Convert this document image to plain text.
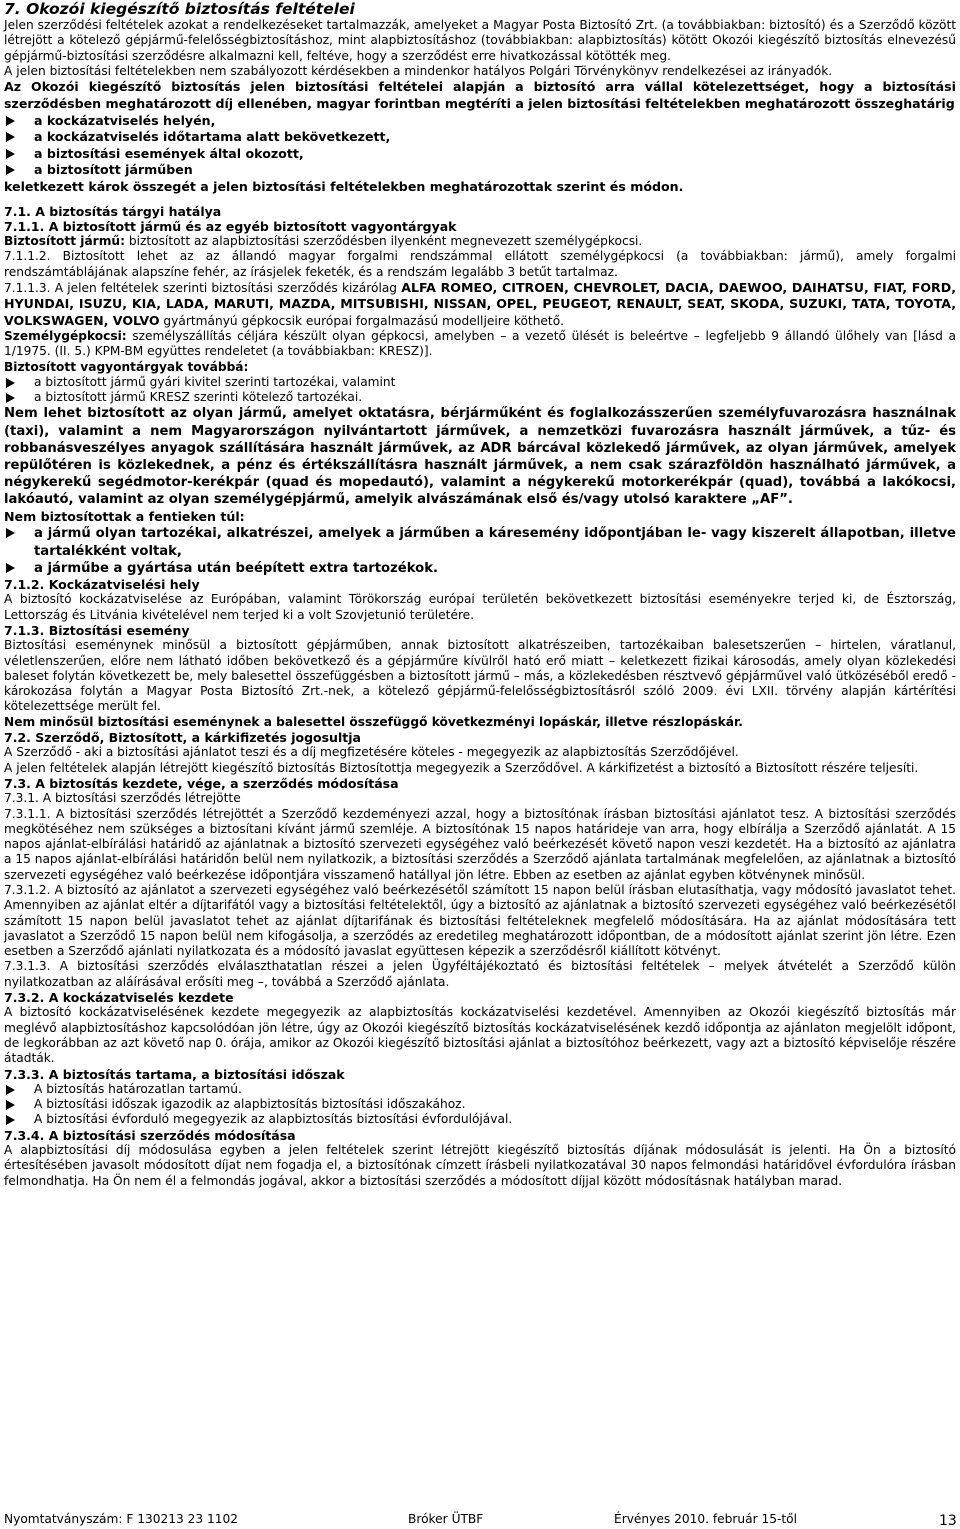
7. Okozói kiegészítő biztosítás feltételei

Jelen szerződési feltételek azokat a rendelkezéseket tartalmazzák, amelyeket a Magyar Posta Biztosító Zrt. (a továbbiakban: biztosító) és a Szerződő között létrejött a kötelező gépjármű-felelősségbiztosításhoz, mint alapbiztosításhoz (továbbiakban: alapbiztosítás) kötött Okozói kiegészítő biztosítás elnevezésű gépjármű-biztosítási szerződésre alkalmazni kell, feltéve, hogy a szerződést erre hivatkozással kötötték meg.

A jelen biztosítási feltételekben nem szabályozott kérdésekben a mindenkor hatályos Polgári Törvénykönyv rendelkezései az irányadók.

Az Okozói kiegészítő biztosítás jelen biztosítási feltételei alapján a biztosító arra vállal kötelezettséget, hogy a biztosítási szerződésben meghatározott díj ellenében, magyar forintban megtéríti a jelen biztosítási feltételekben meghatározott összeghatárig

a kockázatviselés helyén,
a kockázatviselés időtartama alatt bekövetkezett,
a biztosítási események által okozott,
a biztosított járműben

keletkezett károk összegét a jelen biztosítási feltételekben meghatározottak szerint és módon.

7.1. A biztosítás tárgyi hatálya

7.1.1. A biztosított jármű és az egyéb biztosított vagyontárgyak

Biztosított jármű: biztosított az alapbiztosítási szerződésben ilyenként megnevezett személygépkocsi.

7.1.1.2. Biztosított lehet az az állandó magyar forgalmi rendszámmal ellátott személygépkocsi (a továbbiakban: jármű), amely forgalmi rendszámtáblájának alapszíne fehér, az írásjelek feketék, és a rendszám legalább 3 betűt tartalmaz.

7.1.1.3. A jelen feltételek szerinti biztosítási szerződés kizárólag ALFA ROMEO, CITROEN, CHEVROLET, DACIA, DAEWOO, DAIHATSU, FIAT, FORD, HYUNDAI, ISUZU, KIA, LADA, MARUTI, MAZDA, MITSUBISHI, NISSAN, OPEL, PEUGEOT, RENAULT, SEAT, SKODA, SUZUKI, TATA, TOYOTA, VOLKSWAGEN, VOLVO gyártmányú gépkocsik európai forgalmazású modelljeire köthető.

Személygépkocsi: személyszállítás céljára készült olyan gépkocsi, amelyben – a vezető ülését is beleértve – legfeljebb 9 állandó ülőhely van [lásd a 1/1975. (II. 5.) KPM-BM együttes rendeletet (a továbbiakban: KRESZ)].

Biztosított vagyontárgyak továbbá:

a biztosított jármű gyári kivitel szerinti tartozékai, valamint
a biztosított jármű KRESZ szerinti kötelező tartozékai.

Nem lehet biztosított az olyan jármű, amelyet oktatásra, bérjárműként és foglalkozásszerűen személyfuvarozásra használnak (taxi), valamint a nem Magyarországon nyilvántartott járművek, a nemzetközi fuvarozásra használt járművek, a tűz- és robbanásveszélyes anyagok szállítására használt járművek, az ADR bárcával közlekedő járművek, az olyan járművek, amelyek repülőtéren is közlekednek, a pénz és értékszállításra használt járművek, a nem csak szárazföldön használható járművek, a négykerekű segédmotor-kerékpár (quad és mopedautó), valamint a négykerekű motorkerékpár (quad), továbbá a lakókocsi, lakóautó, valamint az olyan személygépjármű, amelyik alvászámának első és/vagy utolsó karaktere „AF”.

Nem biztosítottak a fentieken túl:

a jármű olyan tartozékai, alkatrészei, amelyek a járműben a káresemény időpontjában le- vagy kiszerelt állapotban, illetve tartalékként voltak,
a járműbe a gyártása után beépített extra tartozékok.

7.1.2. Kockázatviselési hely

A biztosító kockázatviselése az Európában, valamint Törökország európai területén bekövetkezett biztosítási eseményekre terjed ki, de Észtország, Lettország és Litvánia kivételével nem terjed ki a volt Szovjetunió területére.

7.1.3. Biztosítási esemény

Biztosítási eseménynek minősül a biztosított gépjárműben, annak biztosított alkatrészeiben, tartozékaiban balesetszerűen – hirtelen, váratlanul, véletlenszerűen, előre nem látható időben bekövetkező és a gépjárműre kívülről ható erő miatt – keletkezett fizikai károsodás, amely olyan közlekedési baleset folytán következett be, mely balesettel összefüggésben a biztosított jármű – más, a közlekedésben résztvevő gépjárművel való ütközéséből eredő - károkozása folytán a Magyar Posta Biztosító Zrt.-nek, a kötelező gépjármű-felelősségbiztosításról szóló 2009. évi LXII. törvény alapján kártérítési kötelezettsége merült fel.

Nem minősül biztosítási eseménynek a balesettel összefüggő következményi lopáskár, illetve részlopáskár.

7.2. Szerződő, Biztosított, a kárkifizetés jogosultja

A Szerződő - aki a biztosítási ajánlatot teszi és a díj megfizetésére köteles - megegyezik az alapbiztosítás Szerződőjével.

A jelen feltételek alapján létrejött kiegészítő biztosítás Biztosítottja megegyezik a Szerződővel. A kárkifizetést a biztosító a Biztosított részére teljesíti.

7.3. A biztosítás kezdete, vége, a szerződés módosítása

7.3.1. A biztosítási szerződés létrejötte

7.3.1.1. A biztosítási szerződés létrejöttét a Szerződő kezdeményezi azzal, hogy a biztosítónak írásban biztosítási ajánlatot tesz. A biztosítási szerződés megkötéséhez nem szükséges a biztosítani kívánt jármű szemléje. A biztosítónak 15 napos határideje van arra, hogy elbírálja a Szerződő ajánlatát. A 15 napos ajánlat-elbírálási határidő az ajánlatnak a biztosító szervezeti egységéhez való beérkezését követő napon veszi kezdetét. Ha a biztosító az ajánlatra a 15 napos ajánlat-elbírálási határidőn belül nem nyilatkozik, a biztosítási szerződés a Szerződő ajánlata tartalmának megfelelően, az ajánlatnak a biztosító szervezeti egységéhez való beérkezése időpontjára visszamenő hatállyal jön létre. Ebben az esetben az ajánlat egyben kötvénynek minősül.

7.3.1.2. A biztosító az ajánlatot a szervezeti egységéhez való beérkezésétől számított 15 napon belül írásban elutasíthatja, vagy módosító javaslatot tehet. Amennyiben az ajánlat eltér a díjtarifától vagy a biztosítási feltételektől, úgy a biztosító az ajánlatnak a biztosító szervezeti egységéhez való beérkezésétől számított 15 napon belül javaslatot tehet az ajánlat díjtarifának és biztosítási feltételeknek megfelelő módosítására. Ha az ajánlat módosítására tett javaslatot a Szerződő 15 napon belül nem kifogásolja, a szerződés az eredetileg meghatározott időpontban, de a módosított ajánlat szerint jön létre. Ezen esetben a Szerződő ajánlati nyilatkozata és a módosító javaslat együttesen képezik a szerződésről kiállított kötvényt.

7.3.1.3. A biztosítási szerződés elválaszthatatlan részei a jelen Ügyféltájékoztató és biztosítási feltételek – melyek átvételét a Szerződő külön nyilatkozatban az aláírásával erősíti meg –, továbbá a Szerződő ajánlata.

7.3.2. A kockázatviselés kezdete

A biztosító kockázatviselésének kezdete megegyezik az alapbiztosítás kockázatviselési kezdetével. Amennyiben az Okozói kiegészítő biztosítás már meglévő alapbiztosításhoz kapcsolódóan jön létre, úgy az Okozói kiegészítő biztosítás kockázatviselésének kezdő időpontja az ajánlaton megjelölt időpont, de legkorábban az azt követő nap 0. órája, amikor az Okozói kiegészítő biztosítási ajánlat a biztosítóhoz beérkezett, vagy azt a biztosító képviselője részére átadták.

7.3.3. A biztosítás tartama, a biztosítási időszak

A biztosítás határozatlan tartamú.
A biztosítási időszak igazodik az alapbiztosítás biztosítási időszakához.
A biztosítási évforduló megegyezik az alapbiztosítás biztosítási évfordulójával.

7.3.4. A biztosítási szerződés módosítása

A alapbiztosítási díj módosulása egyben a jelen feltételek szerint létrejött kiegészítő biztosítás díjának módosulását is jelenti. Ha Ön a biztosító értesítésében javasolt módosított díjat nem fogadja el, a biztosítónak címzett írásbeli nyilatkozatával 30 napos felmondási határidővel évfordulóra írásban felmondhatja. Ha Ön nem él a felmondás jogával, akkor a biztosítási szerződés a módosított díjjal között módosításnak hatályban marad.

Nyomtatványszám: F 130213 23 1102	Bróker ÜTBF	Érvényes 2010. február 15-től	13
